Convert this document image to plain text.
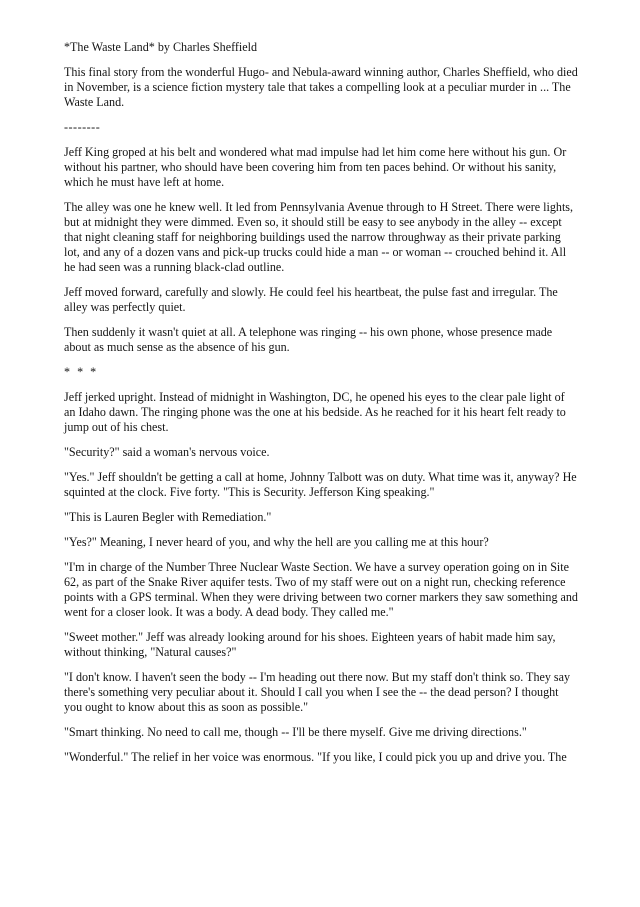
*The Waste Land* by Charles Sheffield

This final story from the wonderful Hugo- and Nebula-award winning author, Charles Sheffield, who died in November, is a science fiction mystery tale that takes a compelling look at a peculiar murder in ... The Waste Land.

--------

Jeff King groped at his belt and wondered what mad impulse had let him come here without his gun. Or without his partner, who should have been covering him from ten paces behind. Or without his sanity, which he must have left at home.

The alley was one he knew well. It led from Pennsylvania Avenue through to H Street. There were lights, but at midnight they were dimmed. Even so, it should still be easy to see anybody in the alley -- except that night cleaning staff for neighboring buildings used the narrow throughway as their private parking lot, and any of a dozen vans and pick-up trucks could hide a man -- or woman -- crouched behind it. All he had seen was a running black-clad outline.

Jeff moved forward, carefully and slowly. He could feel his heartbeat, the pulse fast and irregular. The alley was perfectly quiet.

Then suddenly it wasn't quiet at all. A telephone was ringing -- his own phone, whose presence made about as much sense as the absence of his gun.

* * *

Jeff jerked upright. Instead of midnight in Washington, DC, he opened his eyes to the clear pale light of an Idaho dawn. The ringing phone was the one at his bedside. As he reached for it his heart felt ready to jump out of his chest.

"Security?" said a woman's nervous voice.

"Yes." Jeff shouldn't be getting a call at home, Johnny Talbott was on duty. What time was it, anyway? He squinted at the clock. Five forty. "This is Security. Jefferson King speaking."

"This is Lauren Begler with Remediation."

"Yes?" Meaning, I never heard of you, and why the hell are you calling me at this hour?

"I'm in charge of the Number Three Nuclear Waste Section. We have a survey operation going on in Site 62, as part of the Snake River aquifer tests. Two of my staff were out on a night run, checking reference points with a GPS terminal. When they were driving between two corner markers they saw something and went for a closer look. It was a body. A dead body. They called me."

"Sweet mother." Jeff was already looking around for his shoes. Eighteen years of habit made him say, without thinking, "Natural causes?"

"I don't know. I haven't seen the body -- I'm heading out there now. But my staff don't think so. They say there's something very peculiar about it. Should I call you when I see the -- the dead person? I thought you ought to know about this as soon as possible."

"Smart thinking. No need to call me, though -- I'll be there myself. Give me driving directions."

"Wonderful." The relief in her voice was enormous. "If you like, I could pick you up and drive you. The
